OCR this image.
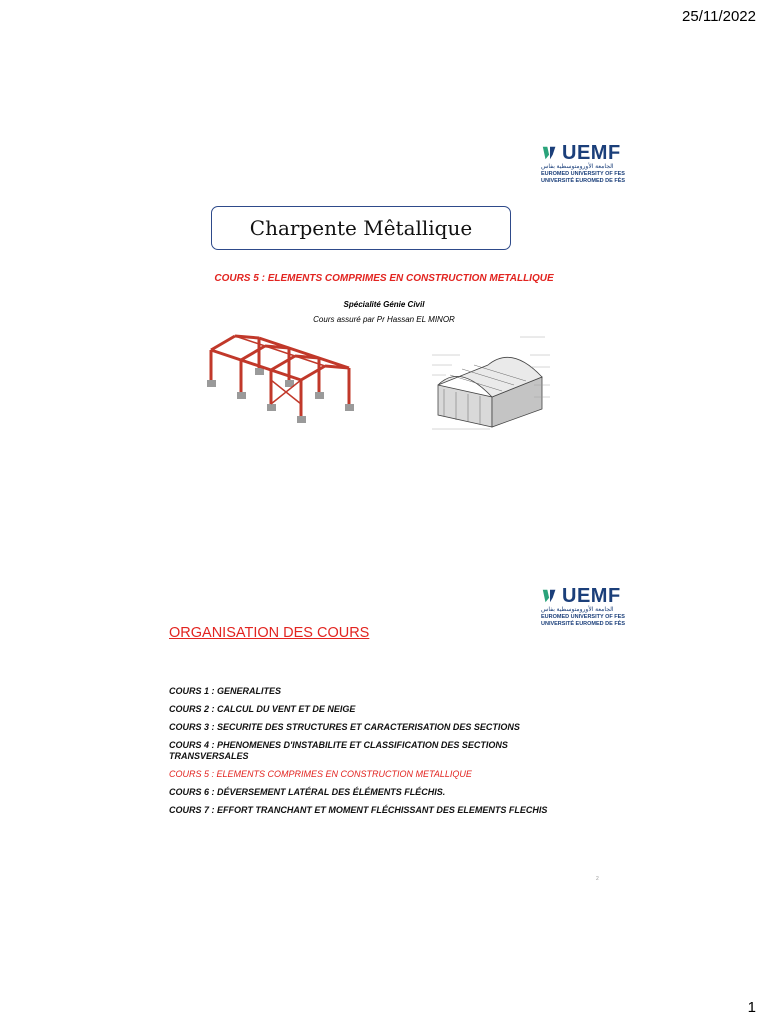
25/11/2022
UEMF
الجامعة الأورومتوسطية بفاس
EUROMED UNIVERSITY OF FES
UNIVERSITÉ EUROMED DE FÈS
Charpente Mêtallique
COURS 5 : ELEMENTS COMPRIMES EN CONSTRUCTION METALLIQUE
Spécialité Génie Civil
Cours assuré par Pr Hassan EL MINOR
UEMF
الجامعة الأورومتوسطية بفاس
EUROMED UNIVERSITY OF FES
UNIVERSITÉ EUROMED DE FÈS
ORGANISATION DES COURS
COURS 1 : GENERALITES
COURS 2 : CALCUL DU VENT ET DE NEIGE
COURS 3 : SECURITE DES STRUCTURES ET CARACTERISATION DES SECTIONS
COURS 4 : PHENOMENES D'INSTABILITE ET CLASSIFICATION DES SECTIONS TRANSVERSALES
COURS 5 : ELEMENTS COMPRIMES EN CONSTRUCTION METALLIQUE
COURS 6 : DÉVERSEMENT LATÉRAL DES ÉLÉMENTS FLÉCHIS.
COURS 7 : EFFORT TRANCHANT ET MOMENT FLÉCHISSANT DES ELEMENTS FLECHIS
2
1
